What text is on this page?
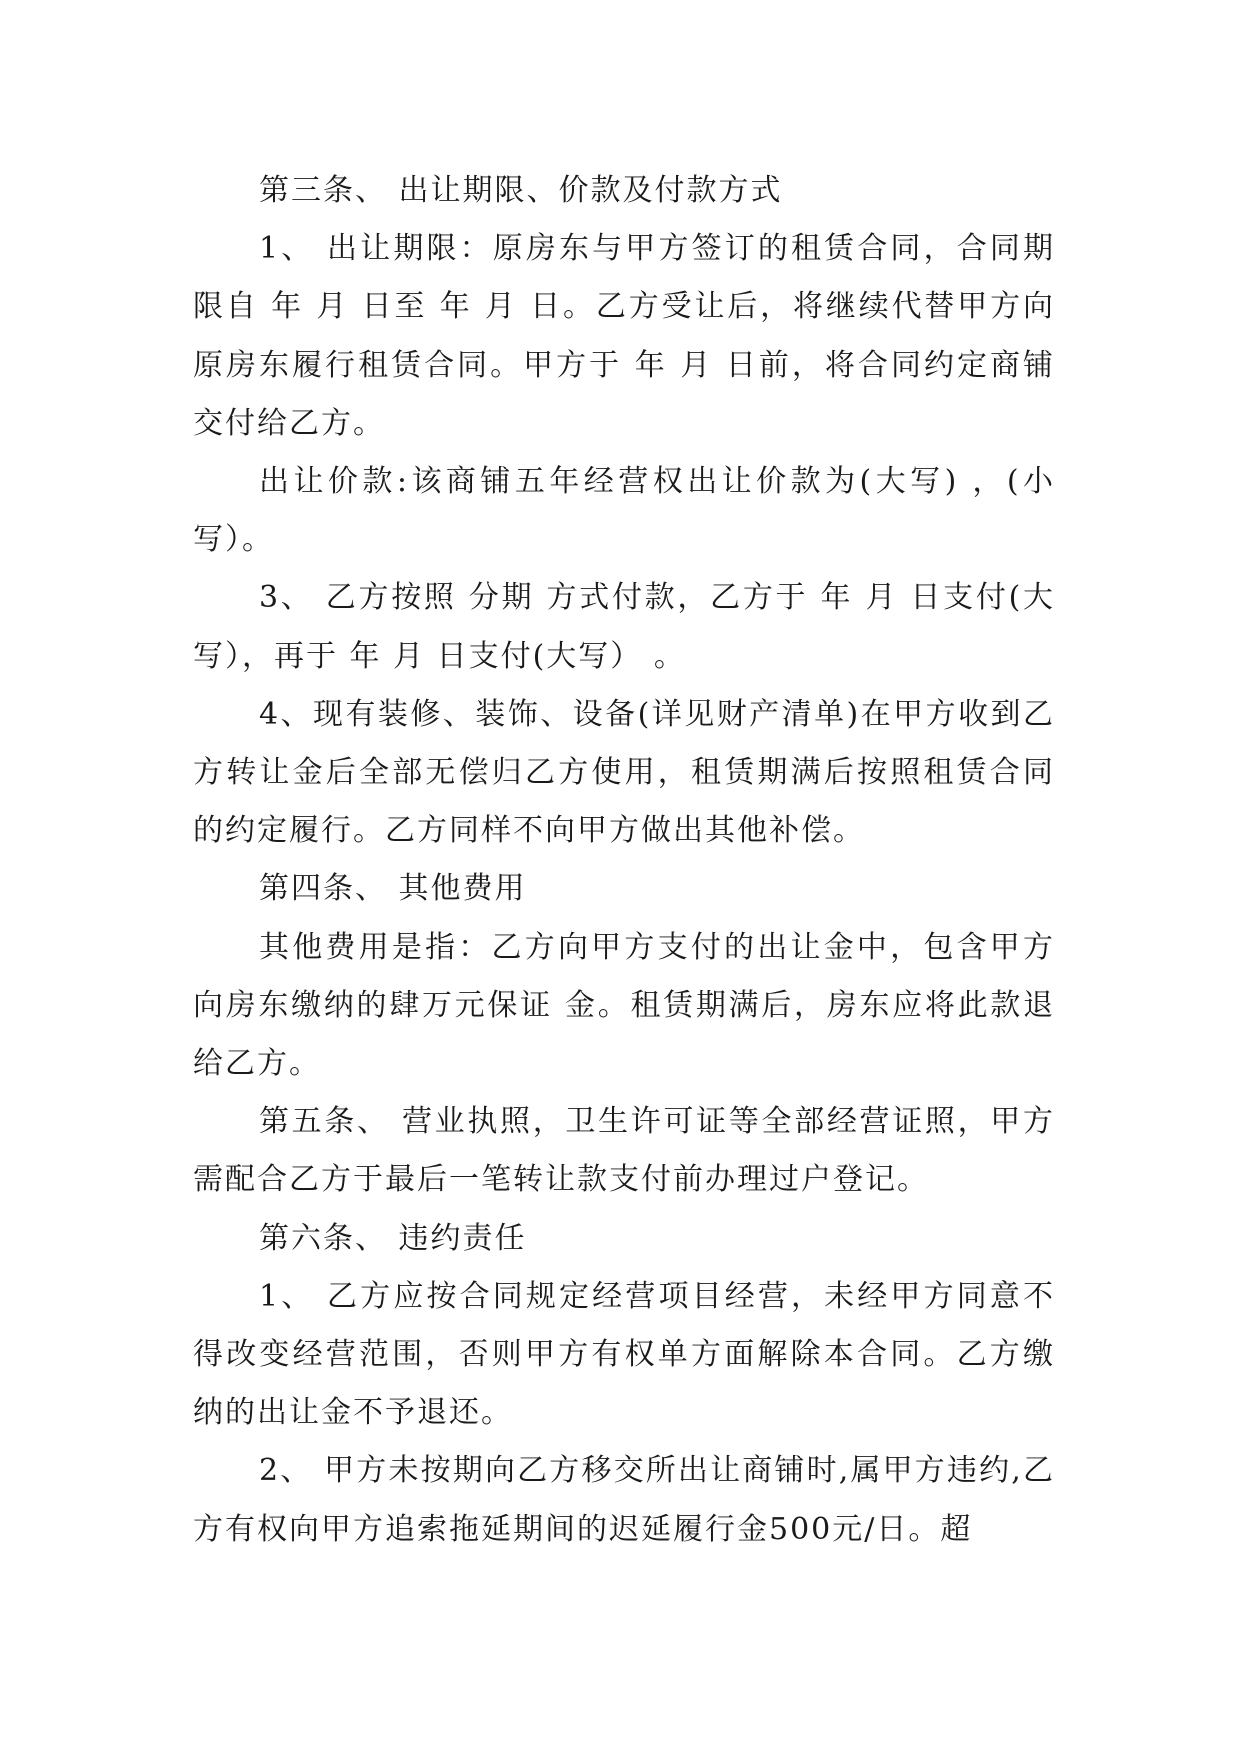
第三条、 出让期限、价款及付款方式

1、 出让期限：原房东与甲方签订的租赁合同，合同期限自 年 月 日至 年 月 日。乙方受让后，将继续代替甲方向原房东履行租赁合同。甲方于 年 月 日前，将合同约定商铺交付给乙方。

出让价款:该商铺五年经营权出让价款为(大写) ，(小写）。

3、 乙方按照 分期 方式付款，乙方于 年 月 日支付(大 写），再于 年 月 日支付(大写） 。

4、现有装修、装饰、设备(详见财产清单)在甲方收到乙方转让金后全部无偿归乙方使用，租赁期满后按照租赁合同的约定履行。乙方同样不向甲方做出其他补偿。

第四条、 其他费用

其他费用是指：乙方向甲方支付的出让金中，包含甲方向房东缴纳的肆万元保证 金。租赁期满后，房东应将此款退给乙方。

第五条、 营业执照，卫生许可证等全部经营证照，甲方需配合乙方于最后一笔转让款支付前办理过户登记。

第六条、 违约责任

1、 乙方应按合同规定经营项目经营，未经甲方同意不得改变经营范围，否则甲方有权单方面解除本合同。乙方缴纳的出让金不予退还。

2、 甲方未按期向乙方移交所出让商铺时,属甲方违约,乙方有权向甲方追索拖延期间的迟延履行金500元/日。超
